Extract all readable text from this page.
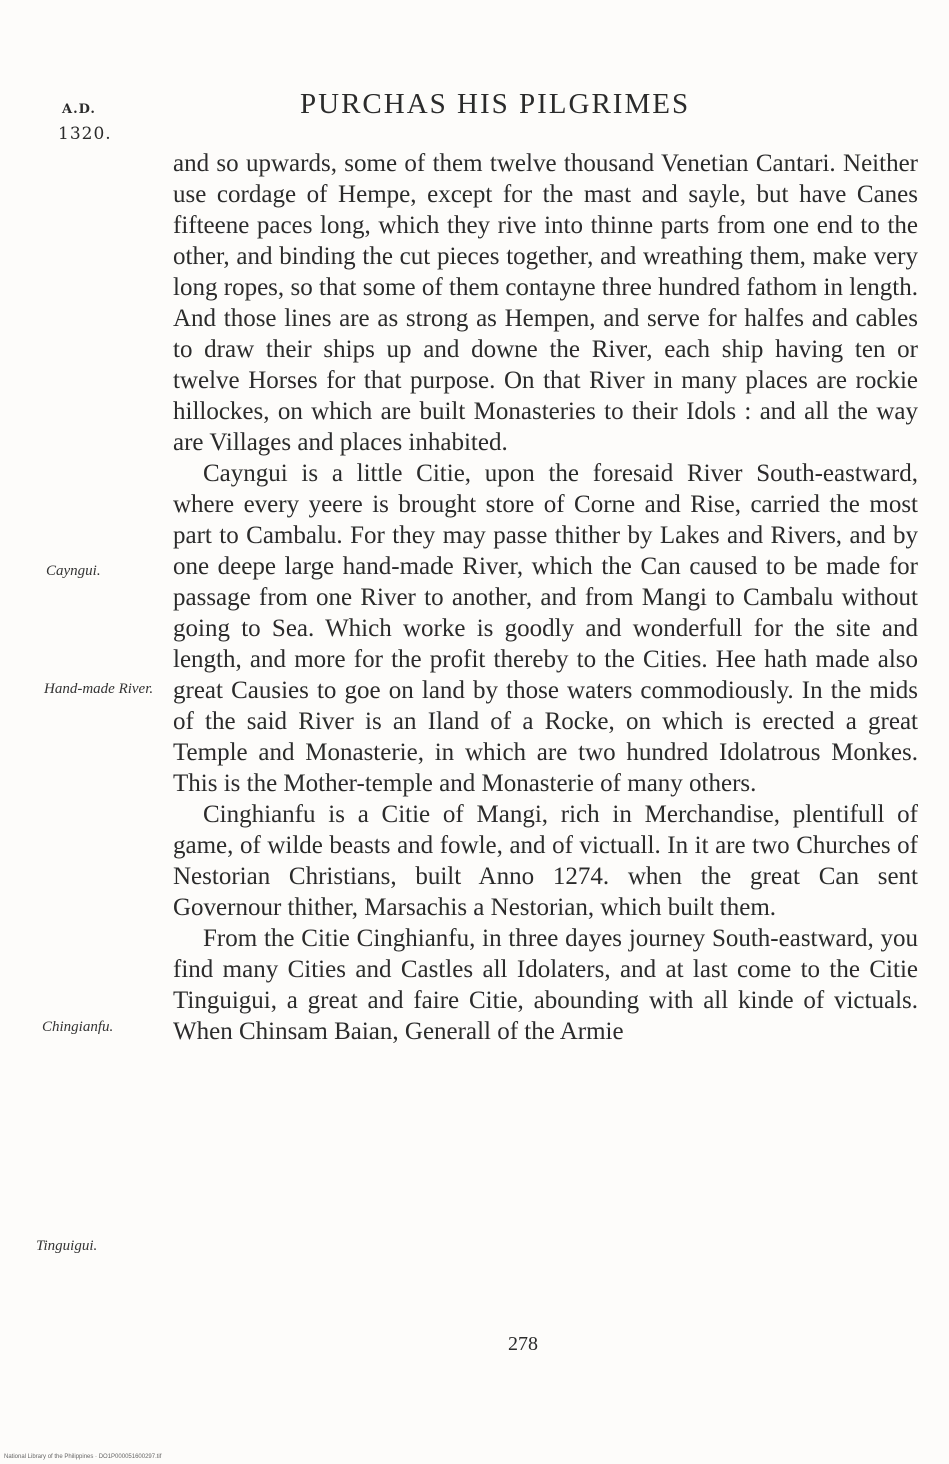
A.D.
1320.
PURCHAS HIS PILGRIMES
Cayngui.
Hand-made River.
Chingianfu.
Tinguigui.

and so upwards, some of them twelve thousand Venetian Cantari. Neither use cordage of Hempe, except for the mast and sayle, but have Canes fifteene paces long, which they rive into thinne parts from one end to the other, and binding the cut pieces together, and wreathing them, make very long ropes, so that some of them contayne three hundred fathom in length. And those lines are as strong as Hempen, and serve for halfes and cables to draw their ships up and downe the River, each ship having ten or twelve Horses for that purpose. On that River in many places are rockie hillockes, on which are built Monasteries to their Idols : and all the way are Villages and places inhabited.

Cayngui is a little Citie, upon the foresaid River South-eastward, where every yeere is brought store of Corne and Rise, carried the most part to Cambalu. For they may passe thither by Lakes and Rivers, and by one deepe large hand-made River, which the Can caused to be made for passage from one River to another, and from Mangi to Cambalu without going to Sea. Which worke is goodly and wonderfull for the site and length, and more for the profit thereby to the Cities. Hee hath made also great Causies to goe on land by those waters commodiously. In the mids of the said River is an Iland of a Rocke, on which is erected a great Temple and Monasterie, in which are two hundred Idolatrous Monkes. This is the Mother-temple and Monasterie of many others.

Cinghianfu is a Citie of Mangi, rich in Merchandise, plentifull of game, of wilde beasts and fowle, and of victuall. In it are two Churches of Nestorian Christians, built Anno 1274. when the great Can sent Governour thither, Marsachis a Nestorian, which built them.

From the Citie Cinghianfu, in three dayes journey South-eastward, you find many Cities and Castles all Idolaters, and at last come to the Citie Tinguigui, a great and faire Citie, abounding with all kinde of victuals. When Chinsam Baian, Generall of the Armie

278
National Library of the Philippines · DO1P000051600297.tif
